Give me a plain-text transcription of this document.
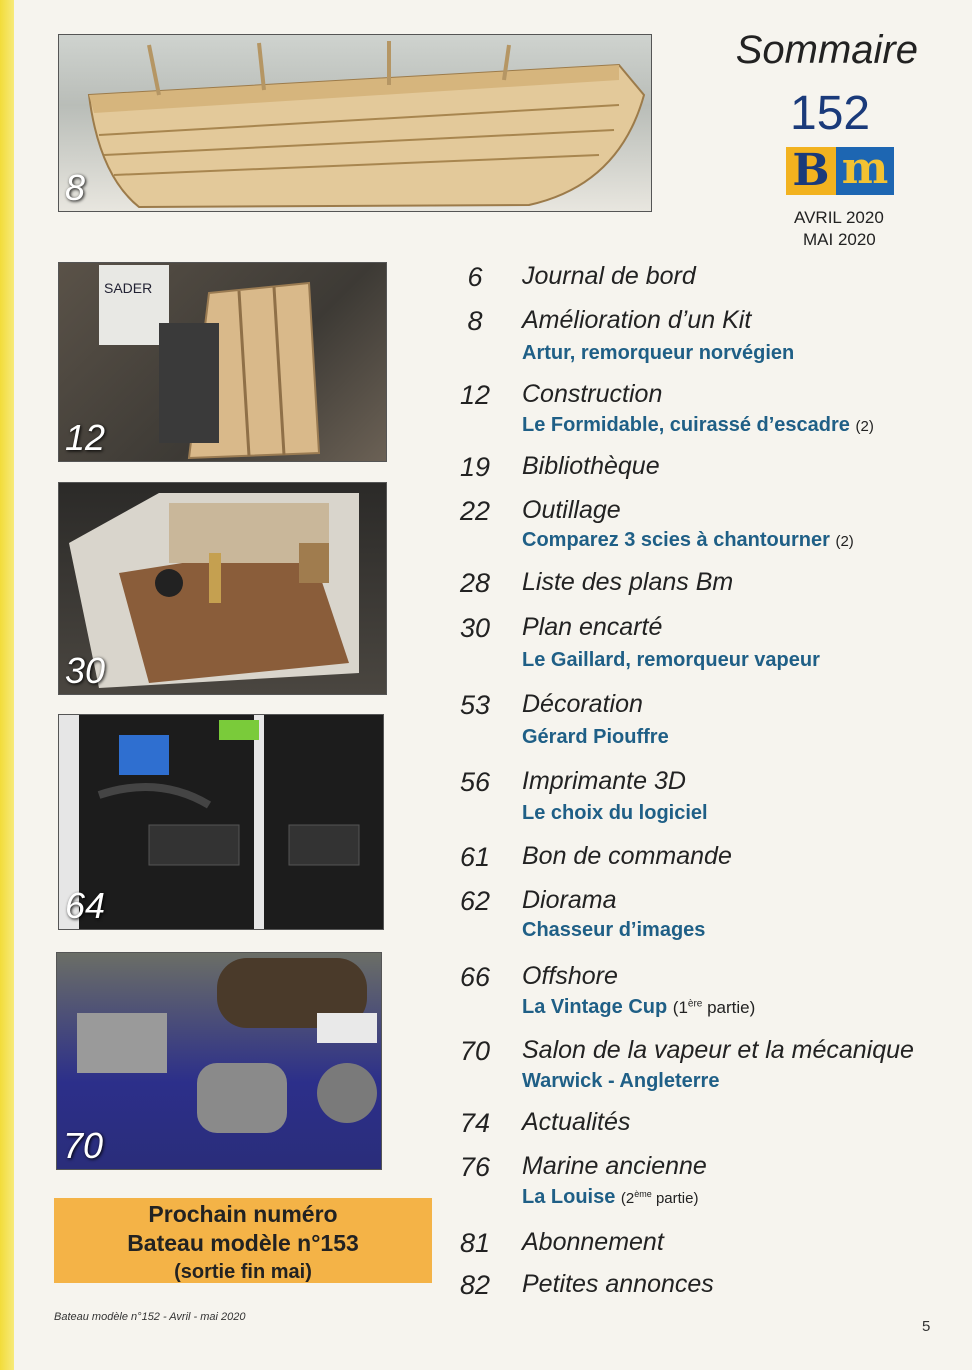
8
SADER
12
30
64
70
Sommaire
152
B m
AVRIL 2020
MAI 2020
6	Journal de bord
8	Amélioration d’un Kit
Artur, remorqueur norvégien
12	Construction
Le Formidable, cuirassé d’escadre (2)
19	Bibliothèque
22	Outillage
Comparez 3 scies à chantourner (2)
28	Liste des plans Bm
30	Plan encarté
Le Gaillard, remorqueur vapeur
53	Décoration
Gérard Piouffre
56	Imprimante 3D
Le choix du logiciel
61	Bon de commande
62	Diorama
Chasseur d’images
66	Offshore
La Vintage Cup (1ère partie)
70	Salon de la vapeur et la mécanique
Warwick - Angleterre
74	Actualités
76	Marine ancienne
La Louise (2ème partie)
81	Abonnement
82	Petites annonces
Prochain numéro
Bateau modèle n°153
(sortie fin mai)
Bateau modèle n°152 - Avril - mai 2020
5
